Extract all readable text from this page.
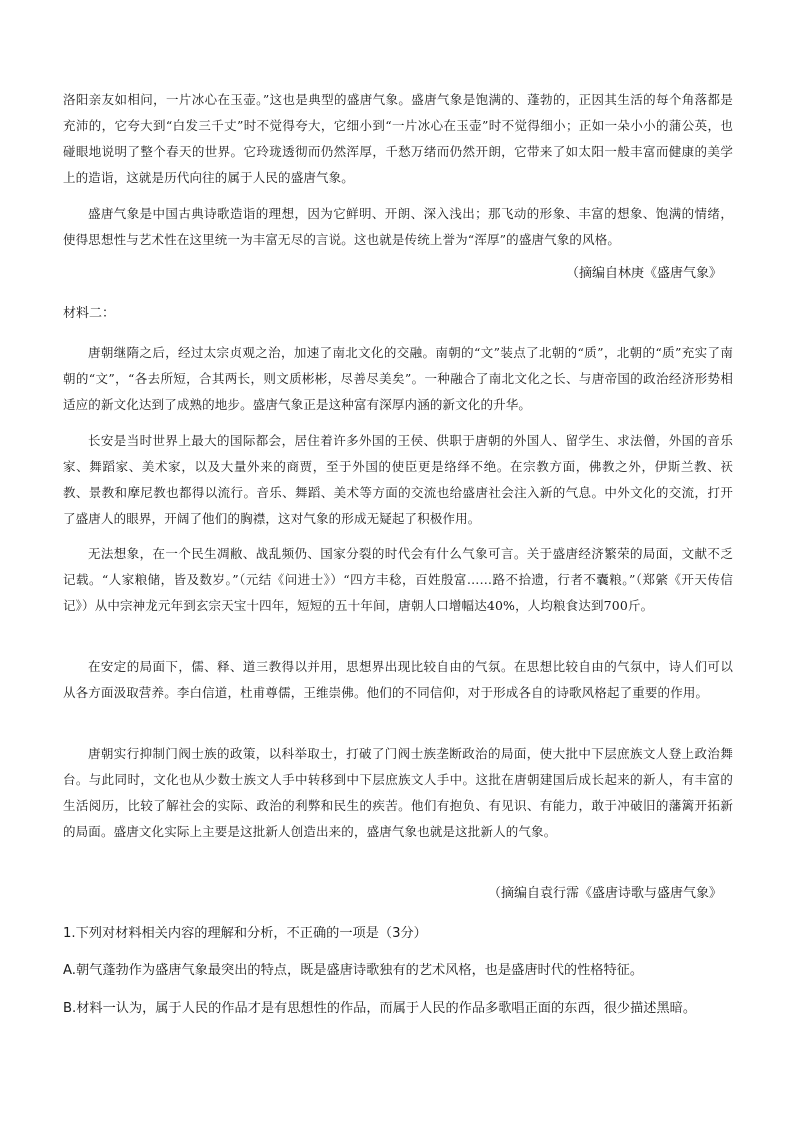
洛阳亲友如相问，一片冰心在玉壶。”这也是典型的盛唐气象。盛唐气象是饱满的、蓬勃的，正因其生活的每个角落都是充沛的，它夸大到“白发三千丈”时不觉得夸大，它细小到“一片冰心在玉壶”时不觉得细小；正如一朵小小的蒲公英，也碰眼地说明了整个春天的世界。它玲珑透彻而仍然浑厚，千愁万绪而仍然开朗，它带来了如太阳一般丰富而健康的美学上的造诣，这就是历代向往的属于人民的盛唐气象。
盛唐气象是中国古典诗歌造诣的理想，因为它鲜明、开朗、深入浅出；那飞动的形象、丰富的想象、饱满的情绪，使得思想性与艺术性在这里统一为丰富无尽的言说。这也就是传统上誉为“浑厚”的盛唐气象的风格。
（摘编自林庚《盛唐气象》
材料二：
唐朝继隋之后，经过太宗贞观之治，加速了南北文化的交融。南朝的“文”装点了北朝的“质”，北朝的“质”充实了南朝的“文”，“各去所短，合其两长，则文质彬彬，尽善尽美矣”。一种融合了南北文化之长、与唐帝国的政治经济形势相适应的新文化达到了成熟的地步。盛唐气象正是这种富有深厚内涵的新文化的升华。
长安是当时世界上最大的国际都会，居住着许多外国的王侯、供职于唐朝的外国人、留学生、求法僧，外国的音乐家、舞蹈家、美术家，以及大量外来的商贾，至于外国的使臣更是络绎不绝。在宗教方面，佛教之外，伊斯兰教、祆教、景教和摩尼教也都得以流行。音乐、舞蹈、美术等方面的交流也给盛唐社会注入新的气息。中外文化的交流，打开了盛唐人的眼界，开阔了他们的胸襟，这对气象的形成无疑起了积极作用。
无法想象，在一个民生凋敝、战乱频仍、国家分裂的时代会有什么气象可言。关于盛唐经济繁荣的局面，文献不乏记载。“人家粮储，皆及数岁。”（元结《问进士》）“四方丰稔，百姓殷富……路不拾遗，行者不囊粮。”（郑綮《开天传信记》）从中宗神龙元年到玄宗天宝十四年，短短的五十年间，唐朝人口增幅达40%，人均粮食达到700斤。
在安定的局面下，儒、释、道三教得以并用，思想界出现比较自由的气氛。在思想比较自由的气氛中，诗人们可以从各方面汲取营养。李白信道，杜甫尊儒，王维崇佛。他们的不同信仰，对于形成各自的诗歌风格起了重要的作用。
唐朝实行抑制门阀士族的政策，以科举取士，打破了门阀士族垄断政治的局面，使大批中下层庶族文人登上政治舞台。与此同时，文化也从少数士族文人手中转移到中下层庶族文人手中。这批在唐朝建国后成长起来的新人，有丰富的生活阅历，比较了解社会的实际、政治的利弊和民生的疾苦。他们有抱负、有见识、有能力，敢于冲破旧的藩篱开拓新的局面。盛唐文化实际上主要是这批新人创造出来的，盛唐气象也就是这批新人的气象。
（摘编自袁行霈《盛唐诗歌与盛唐气象》
1.下列对材料相关内容的理解和分析，不正确的一项是（3分）
A.朝气蓬勃作为盛唐气象最突出的特点，既是盛唐诗歌独有的艺术风格，也是盛唐时代的性格特征。
B.材料一认为，属于人民的作品才是有思想性的作品，而属于人民的作品多歌唱正面的东西，很少描述黑暗。
